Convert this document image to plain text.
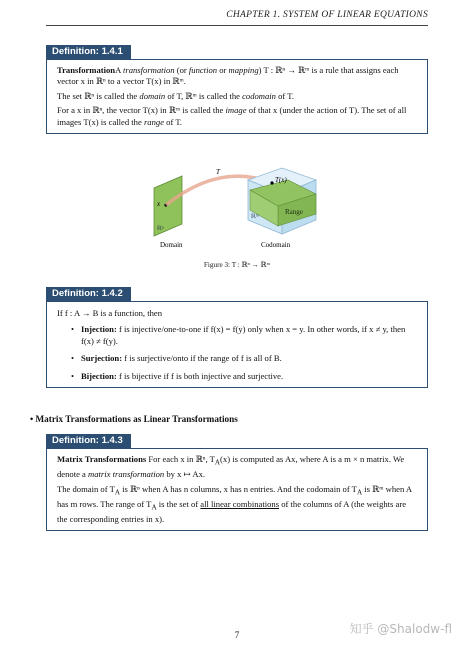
CHAPTER 1. SYSTEM OF LINEAR EQUATIONS
Definition: 1.4.1

TransformationA transformation (or function or mapping) T : ℝⁿ → ℝᵐ is a rule that assigns each vector x in ℝⁿ to a vector T(x) in ℝᵐ.

The set ℝⁿ is called the domain of T, ℝᵐ is called the codomain of T.

For a x in ℝⁿ, the vector T(x) in ℝᵐ is called the image of that x (under the action of T). The set of all images T(x) is called the range of T.

x
ℝⁿ
T
T(x)
Range
ℝᵐ
Domain	Codomain
Figure 3: T : ℝⁿ → ℝᵐ
Definition: 1.4.2

If f : A → B is a function, then

• Injection: f is injective/one-to-one if f(x) = f(y) only when x = y. In other words, if x ≠ y, then f(x) ≠ f(y).
• Surjection: f is surjective/onto if the range of f is all of B.
• Bijection: f is bijective if f is both injective and surjective.
• Matrix Transformations as Linear Transformations
Definition: 1.4.3

Matrix Transformations For each x in ℝⁿ, $T_A(x)$ is computed as Ax, where A is a m × n matrix. We denote a matrix transformation by x ↦ Ax.

The domain of $T_A$ is ℝⁿ when A has n columns, x has n entries. And the codomain of $T_A$ is ℝᵐ when A has m rows. The range of $T_A$ is the set of all linear combinations of the columns of A (the weights are the corresponding entries in x).

7	知乎 @Shalodw-fl
